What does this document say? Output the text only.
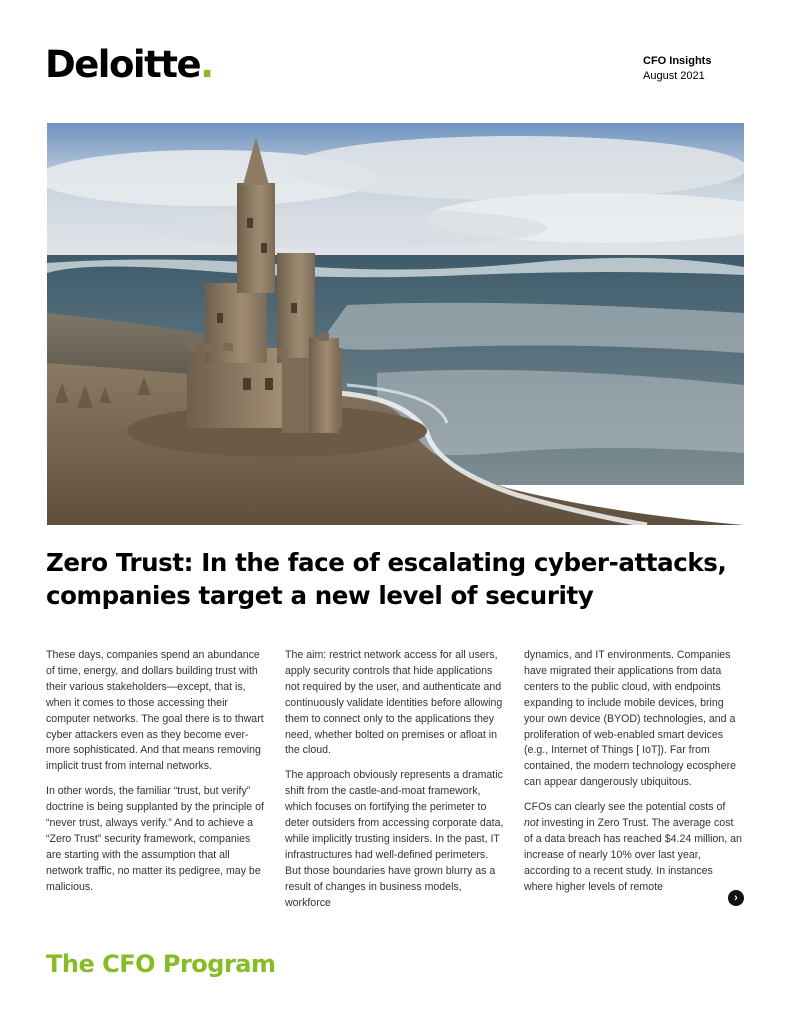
Deloitte.	CFO Insights
August 2021
Zero Trust: In the face of escalating cyber-attacks, companies target a new level of security

These days, companies spend an abundance of time, energy, and dollars building trust with their various stakeholders—except, that is, when it comes to those accessing their computer networks. The goal there is to thwart cyber attackers even as they become ever-more sophisticated. And that means removing implicit trust from internal networks.

In other words, the familiar “trust, but verify” doctrine is being supplanted by the principle of “never trust, always verify.” And to achieve a “Zero Trust” security framework, companies are starting with the assumption that all network traffic, no matter its pedigree, may be malicious.

The aim: restrict network access for all users, apply security controls that hide applications not required by the user, and authenticate and continuously validate identities before allowing them to connect only to the applications they need, whether bolted on premises or afloat in the cloud.

The approach obviously represents a dramatic shift from the castle-and-moat framework, which focuses on fortifying the perimeter to deter outsiders from accessing corporate data, while implicitly trusting insiders. In the past, IT infrastructures had well-defined perimeters. But those boundaries have grown blurry as a result of changes in business models, workforce

dynamics, and IT environments. Companies have migrated their applications from data centers to the public cloud, with endpoints expanding to include mobile devices, bring your own device (BYOD) technologies, and a proliferation of web-enabled smart devices (e.g., Internet of Things [ IoT]). Far from contained, the modern technology ecosphere can appear dangerously ubiquitous.

CFOs can clearly see the potential costs of not investing in Zero Trust. The average cost of a data breach has reached $4.24 million, an increase of nearly 10% over last year, according to a recent study. In instances where higher levels of remote

›
The CFO Program
